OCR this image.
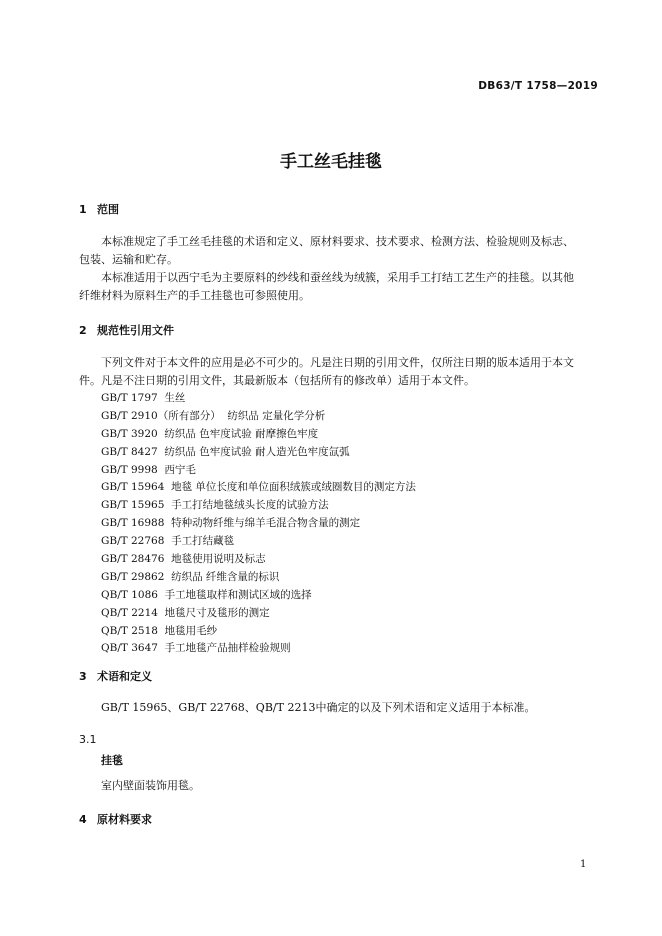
DB63/T 1758—2019
手工丝毛挂毯
1 范围
本标准规定了手工丝毛挂毯的术语和定义、原材料要求、技术要求、检测方法、检验规则及标志、
包装、运输和贮存。
本标准适用于以西宁毛为主要原料的纱线和蚕丝线为绒簇，采用手工打结工艺生产的挂毯。以其他
纤维材料为原料生产的手工挂毯也可参照使用。
2 规范性引用文件
下列文件对于本文件的应用是必不可少的。凡是注日期的引用文件，仅所注日期的版本适用于本文
件。凡是不注日期的引用文件，其最新版本（包括所有的修改单）适用于本文件。
GB/T 1797 生丝
GB/T 2910（所有部分） 纺织品 定量化学分析
GB/T 3920 纺织品 色牢度试验 耐摩擦色牢度
GB/T 8427 纺织品 色牢度试验 耐人造光色牢度氙弧
GB/T 9998 西宁毛
GB/T 15964 地毯 单位长度和单位面积绒簇或绒圈数目的测定方法
GB/T 15965 手工打结地毯绒头长度的试验方法
GB/T 16988 特种动物纤维与绵羊毛混合物含量的测定
GB/T 22768 手工打结藏毯
GB/T 28476 地毯使用说明及标志
GB/T 29862 纺织品 纤维含量的标识
QB/T 1086 手工地毯取样和测试区域的选择
QB/T 2214 地毯尺寸及毯形的测定
QB/T 2518 地毯用毛纱
QB/T 3647 手工地毯产品抽样检验规则
3 术语和定义
GB/T 15965、GB/T 22768、QB/T 2213中确定的以及下列术语和定义适用于本标准。
3.1
挂毯
室内壁面装饰用毯。
4 原材料要求
1
